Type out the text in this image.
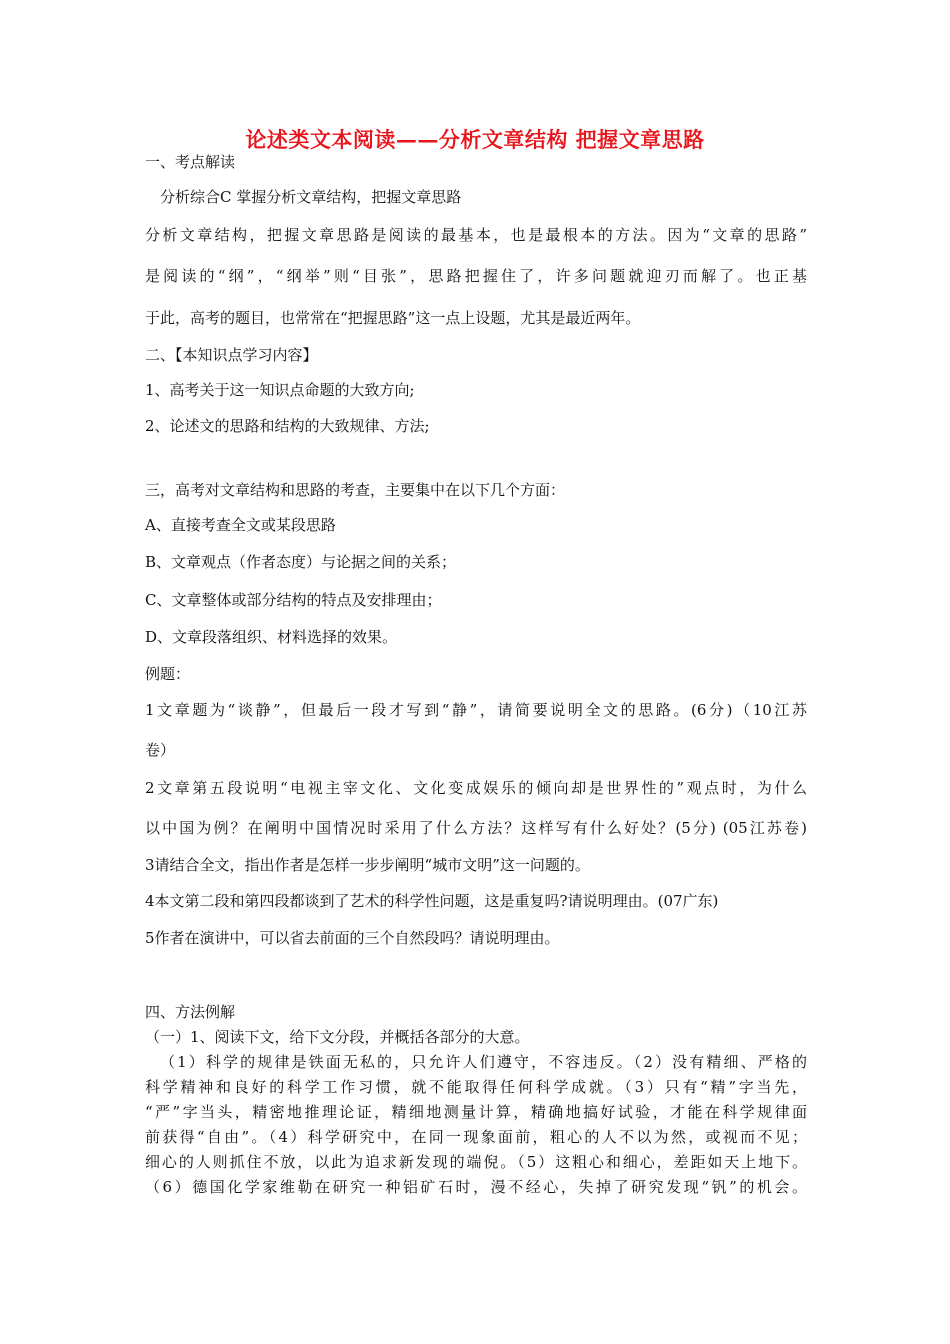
论述类文本阅读——分析文章结构 把握文章思路
一、考点解读
分析综合C 掌握分析文章结构，把握文章思路
分析文章结构，把握文章思路是阅读的最基本，也是最根本的方法。因为“文章的思路”
是阅读的“纲”，“纲举”则“目张”，思路把握住了，许多问题就迎刃而解了。也正基
于此，高考的题目，也常常在“把握思路”这一点上设题，尤其是最近两年。
二、【本知识点学习内容】
1、高考关于这一知识点命题的大致方向;
2、论述文的思路和结构的大致规律、方法;
三，高考对文章结构和思路的考查，主要集中在以下几个方面：
A、直接考查全文或某段思路
B、文章观点（作者态度）与论据之间的关系；
C、文章整体或部分结构的特点及安排理由；
D、文章段落组织、材料选择的效果。
例题：
1文章题为“谈静”，但最后一段才写到“静”，请简要说明全文的思路。(6分)（10江苏
卷）
2文章第五段说明“电视主宰文化、文化变成娱乐的倾向却是世界性的”观点时，为什么
以中国为例？在阐明中国情况时采用了什么方法？这样写有什么好处？(5分) (05江苏卷)
3请结合全文，指出作者是怎样一步步阐明“城市文明”这一问题的。
4本文第二段和第四段都谈到了艺术的科学性问题，这是重复吗?请说明理由。(07广东)
5作者在演讲中，可以省去前面的三个自然段吗？请说明理由。
四、方法例解
（一）1、阅读下文，给下文分段，并概括各部分的大意。
（1）科学的规律是铁面无私的，只允许人们遵守，不容违反。（2）没有精细、严格的
科学精神和良好的科学工作习惯，就不能取得任何科学成就。（3）只有“精”字当先，
“严”字当头，精密地推理论证，精细地测量计算，精确地搞好试验，才能在科学规律面
前获得“自由”。（4）科学研究中，在同一现象面前，粗心的人不以为然，或视而不见；
细心的人则抓住不放，以此为追求新发现的端倪。（5）这粗心和细心，差距如天上地下。
（6）德国化学家维勒在研究一种铝矿石时，漫不经心，失掉了研究发现“钒”的机会。
